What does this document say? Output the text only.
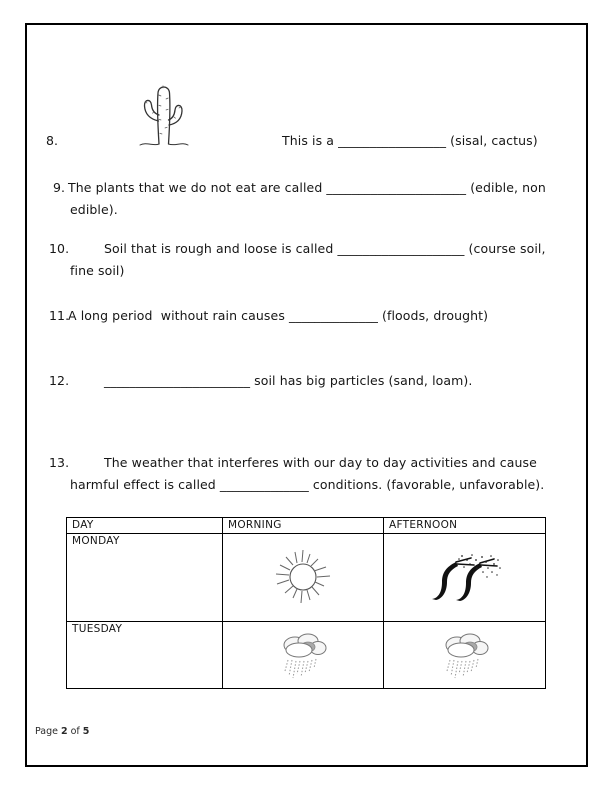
8.	This is a _________________ (sisal, cactus)
9. The plants that we do not eat are called ______________________ (edible, non
edible).
10.	Soil that is rough and loose is called ____________________ (course soil,
fine soil)
11.
A long period  without rain causes ______________ (floods, drought)
12.	_______________________ soil has big particles (sand, loam).
13.	The weather that interferes with our day to day activities and cause
harmful effect is called ______________ conditions. (favorable, unfavorable).
DAY	MORNING	AFTERNOON
MONDAY		
TUESDAY		
Page 2 of 5
